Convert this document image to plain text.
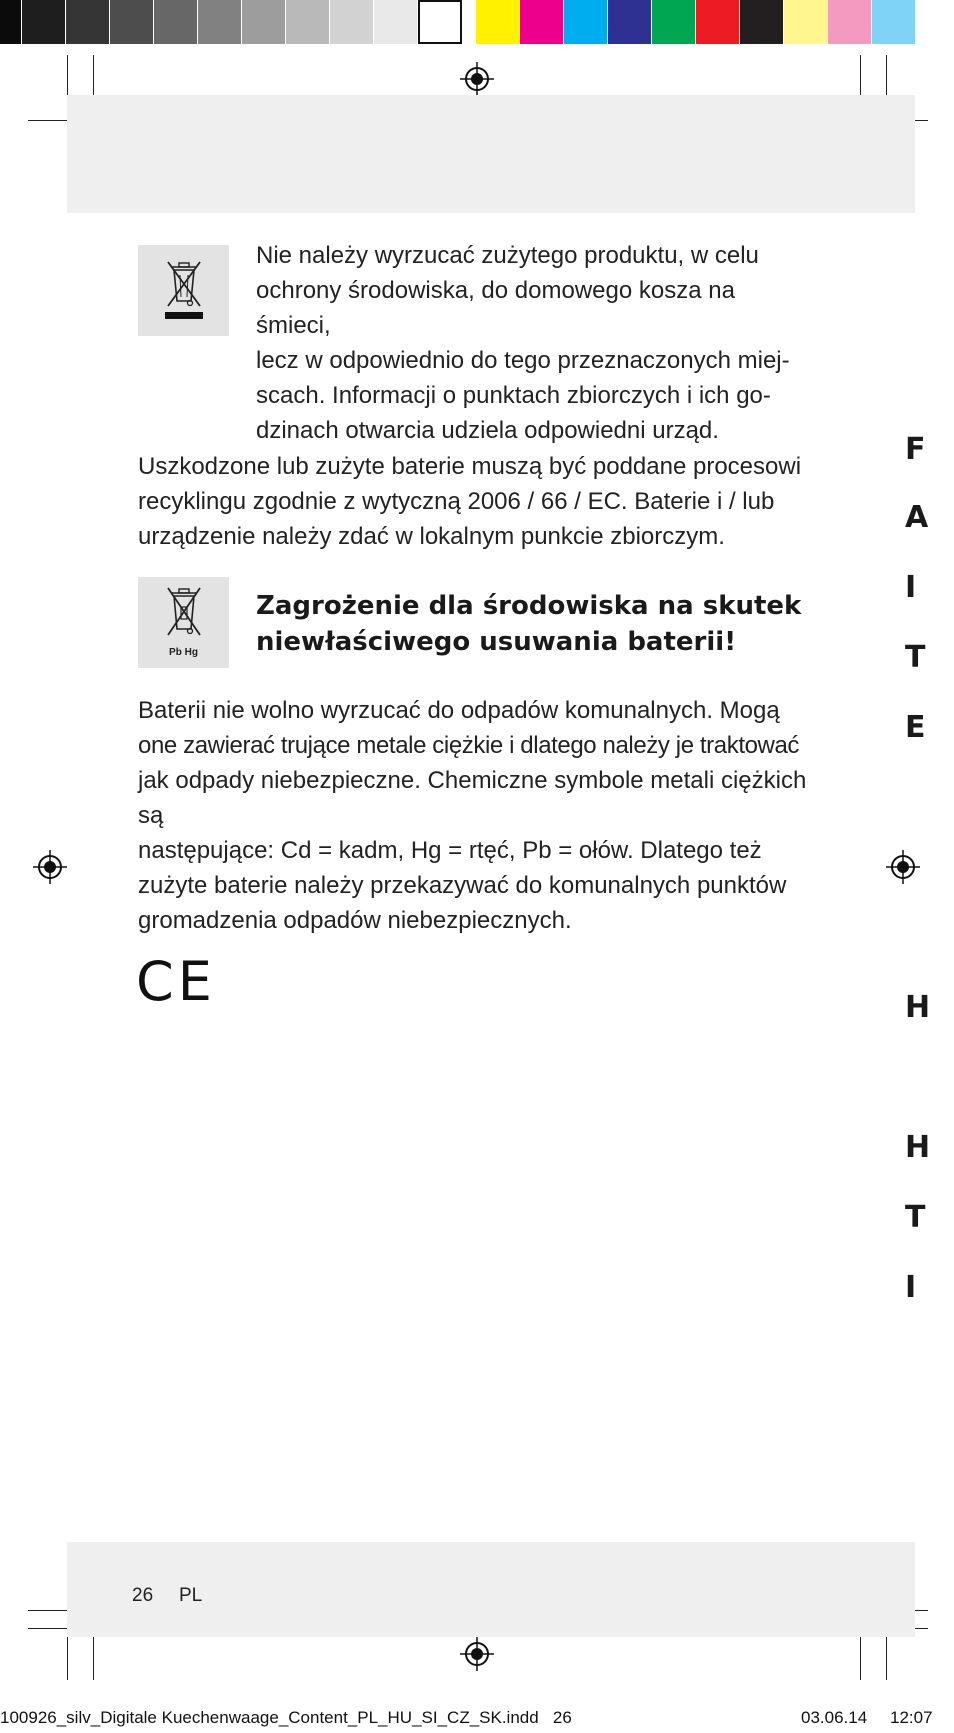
Nie należy wyrzucać zużytego produktu, w celu
ochrony środowiska, do domowego kosza na śmieci,
lecz w odpowiednio do tego przeznaczonych miej-
scach. Informacji o punktach zbiorczych i ich go-
dzinach otwarcia udziela odpowiedni urząd.
Uszkodzone lub zużyte baterie muszą być poddane procesowi
recyklingu zgodnie z wytyczną 2006 / 66 / EC. Baterie i / lub
urządzenie należy zdać w lokalnym punkcie zbiorczym.
Pb Hg
Zagrożenie dla środowiska na skutek
niewłaściwego usuwania baterii!
Baterii nie wolno wyrzucać do odpadów komunalnych. Mogą
one zawierać trujące metale ciężkie i dlatego należy je traktować
jak odpady niebezpieczne. Chemiczne symbole metali ciężkich są
następujące: Cd = kadm, Hg = rtęć, Pb = ołów. Dlatego też
zużyte baterie należy przekazywać do komunalnych punktów
gromadzenia odpadów niebezpiecznych.
CE
F
A
I
T
E
H
H
T
I
26 PL
100926_silv_Digitale Kuechenwaage_Content_PL_HU_SI_CZ_SK.indd   26	03.06.14 12:07
